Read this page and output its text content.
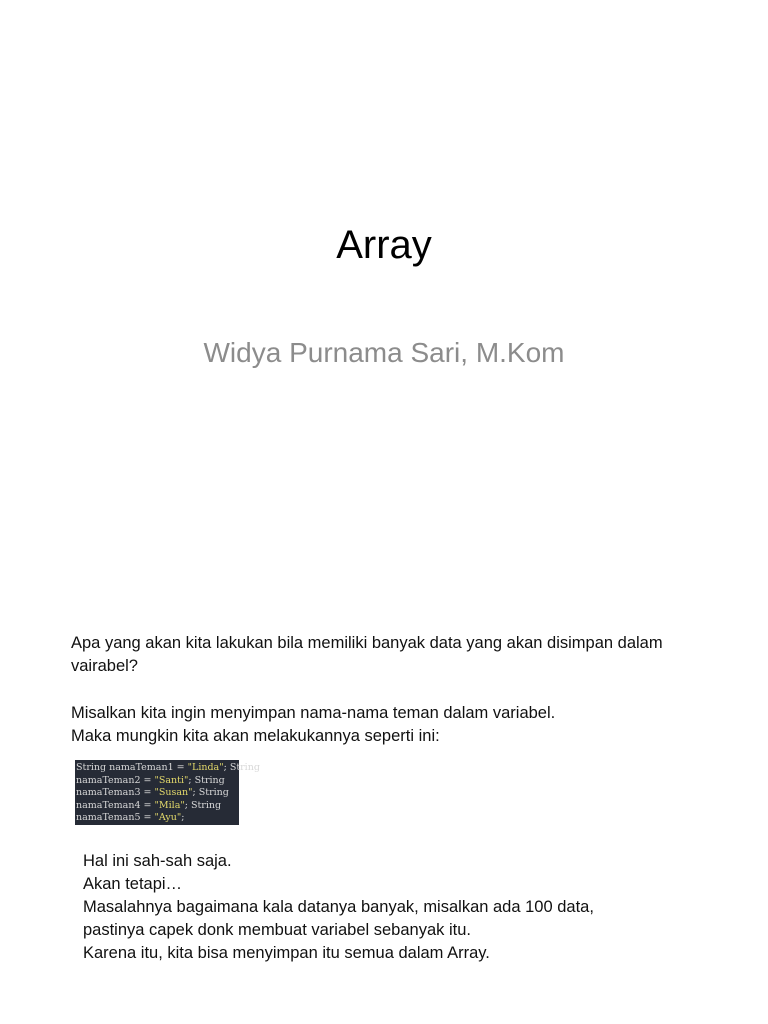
Array
Widya Purnama Sari, M.Kom
Apa yang akan kita lakukan bila memiliki banyak data yang akan disimpan dalam
vairabel?
Misalkan kita ingin menyimpan nama-nama teman dalam variabel.
Maka mungkin kita akan melakukannya seperti ini:
String namaTeman1 = "Linda"; String
namaTeman2 = "Santi"; String
namaTeman3 = "Susan"; String
namaTeman4 = "Mila"; String
namaTeman5 = "Ayu";
Hal ini sah-sah saja.
Akan tetapi…
Masalahnya bagaimana kala datanya banyak, misalkan ada 100 data,
pastinya capek donk membuat variabel sebanyak itu.
Karena itu, kita bisa menyimpan itu semua dalam Array.
